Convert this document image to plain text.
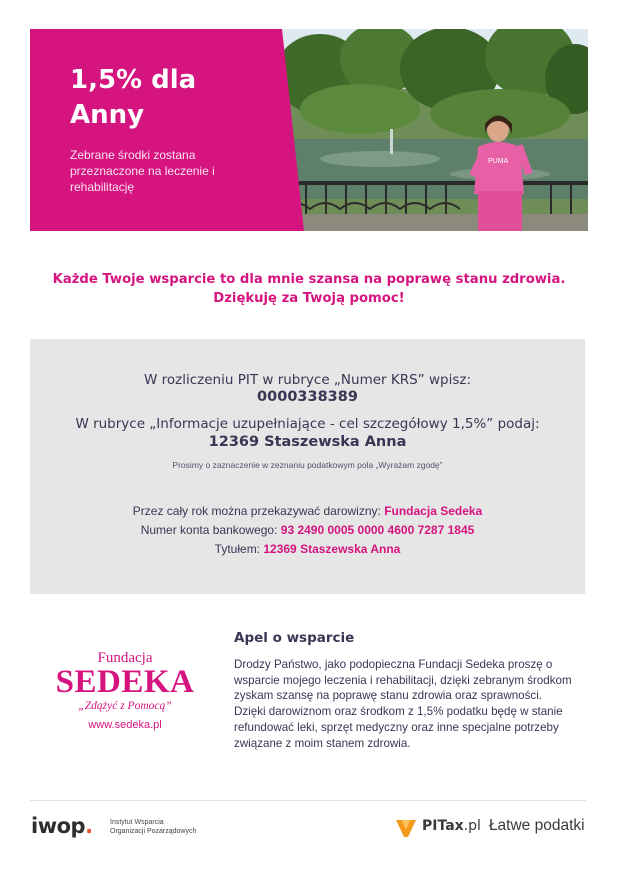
PUMA
1,5% dla
Anny
Zebrane środki zostana przeznaczone na leczenie i rehabilitację
Każde Twoje wsparcie to dla mnie szansa na poprawę stanu zdrowia.
Dziękuję za Twoją pomoc!
W rozliczeniu PIT w rubryce „Numer KRS” wpisz:
0000338389
W rubryce „Informacje uzupełniające - cel szczegółowy 1,5%” podaj:
12369 Staszewska Anna
Prosimy o zaznaczenie w zeznaniu podatkowym pola „Wyrażam zgodę”
Przez cały rok można przekazywać darowizny: Fundacja Sedeka
Numer konta bankowego: 93 2490 0005 0000 4600 7287 1845
Tytułem: 12369 Staszewska Anna
Fundacja
SEDEKA
„Zdążyć z Pomocą”
www.sedeka.pl
Apel o wsparcie
Drodzy Państwo, jako podopieczna Fundacji Sedeka proszę o wsparcie mojego leczenia i rehabilitacji, dzięki zebranym środkom zyskam szansę na poprawę stanu zdrowia oraz sprawności. Dzięki darowiznom oraz środkom z 1,5% podatku będę w stanie refundować leki, sprzęt medyczny oraz inne specjalne potrzeby związane z moim stanem zdrowia.
iwop. Instytut Wsparcia
Organizacji Pozarządowych	PITax .pl Łatwe podatki
